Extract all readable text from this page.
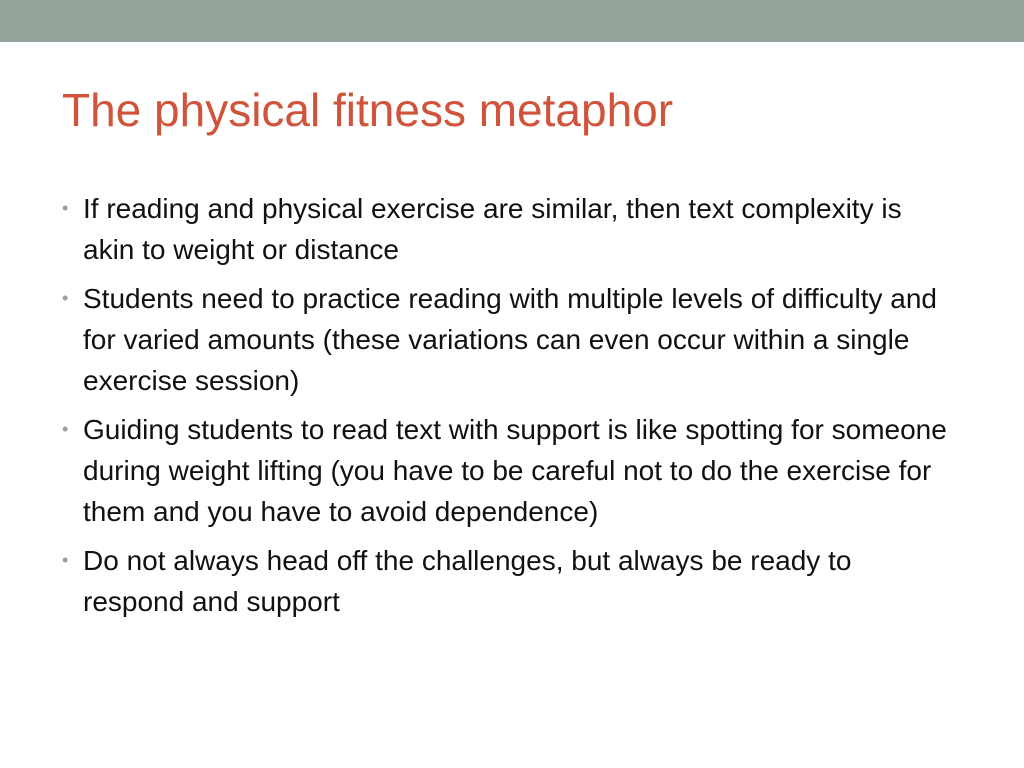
The physical fitness metaphor
• If reading and physical exercise are similar, then text complexity is akin to weight or distance
• Students need to practice reading with multiple levels of difficulty and for varied amounts (these variations can even occur within a single exercise session)
• Guiding students to read text with support is like spotting for someone during weight lifting (you have to be careful not to do the exercise for them and you have to avoid dependence)
• Do not always head off the challenges, but always be ready to respond and support
